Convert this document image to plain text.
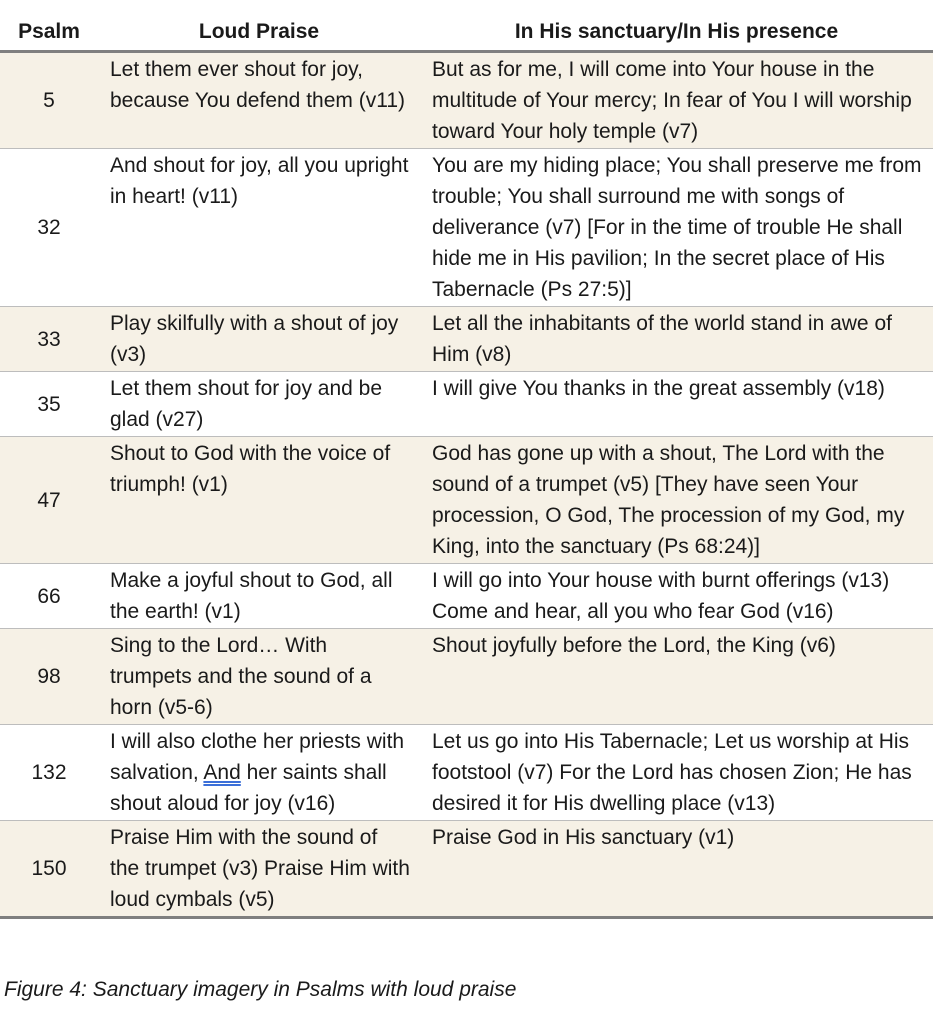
Psalm	Loud Praise	In His sanctuary/In His presence
5	Let them ever shout for joy, because You defend them (v11)	But as for me, I will come into Your house in the multitude of Your mercy; In fear of You I will worship toward Your holy temple (v7)
32	And shout for joy, all you upright in heart! (v11)	You are my hiding place; You shall preserve me from trouble; You shall surround me with songs of deliverance (v7) [For in the time of trouble He shall hide me in His pavilion; In the secret place of His Tabernacle (Ps 27:5)]
33	Play skilfully with a shout of joy (v3)	Let all the inhabitants of the world stand in awe of Him (v8)
35	Let them shout for joy and be glad (v27)	I will give You thanks in the great assembly (v18)
47	Shout to God with the voice of triumph! (v1)	God has gone up with a shout, The Lord with the sound of a trumpet (v5) [They have seen Your procession, O God, The procession of my God, my King, into the sanctuary (Ps 68:24)]
66	Make a joyful shout to God, all the earth! (v1)	I will go into Your house with burnt offerings (v13) Come and hear, all you who fear God (v16)
98	Sing to the Lord… With trumpets and the sound of a horn (v5-6)	Shout joyfully before the Lord, the King (v6)
132	I will also clothe her priests with salvation, And her saints shall shout aloud for joy (v16)	Let us go into His Tabernacle; Let us worship at His footstool (v7) For the Lord has chosen Zion; He has desired it for His dwelling place (v13)
150	Praise Him with the sound of the trumpet (v3) Praise Him with loud cymbals (v5)	Praise God in His sanctuary (v1)
Figure 4: Sanctuary imagery in Psalms with loud praise
